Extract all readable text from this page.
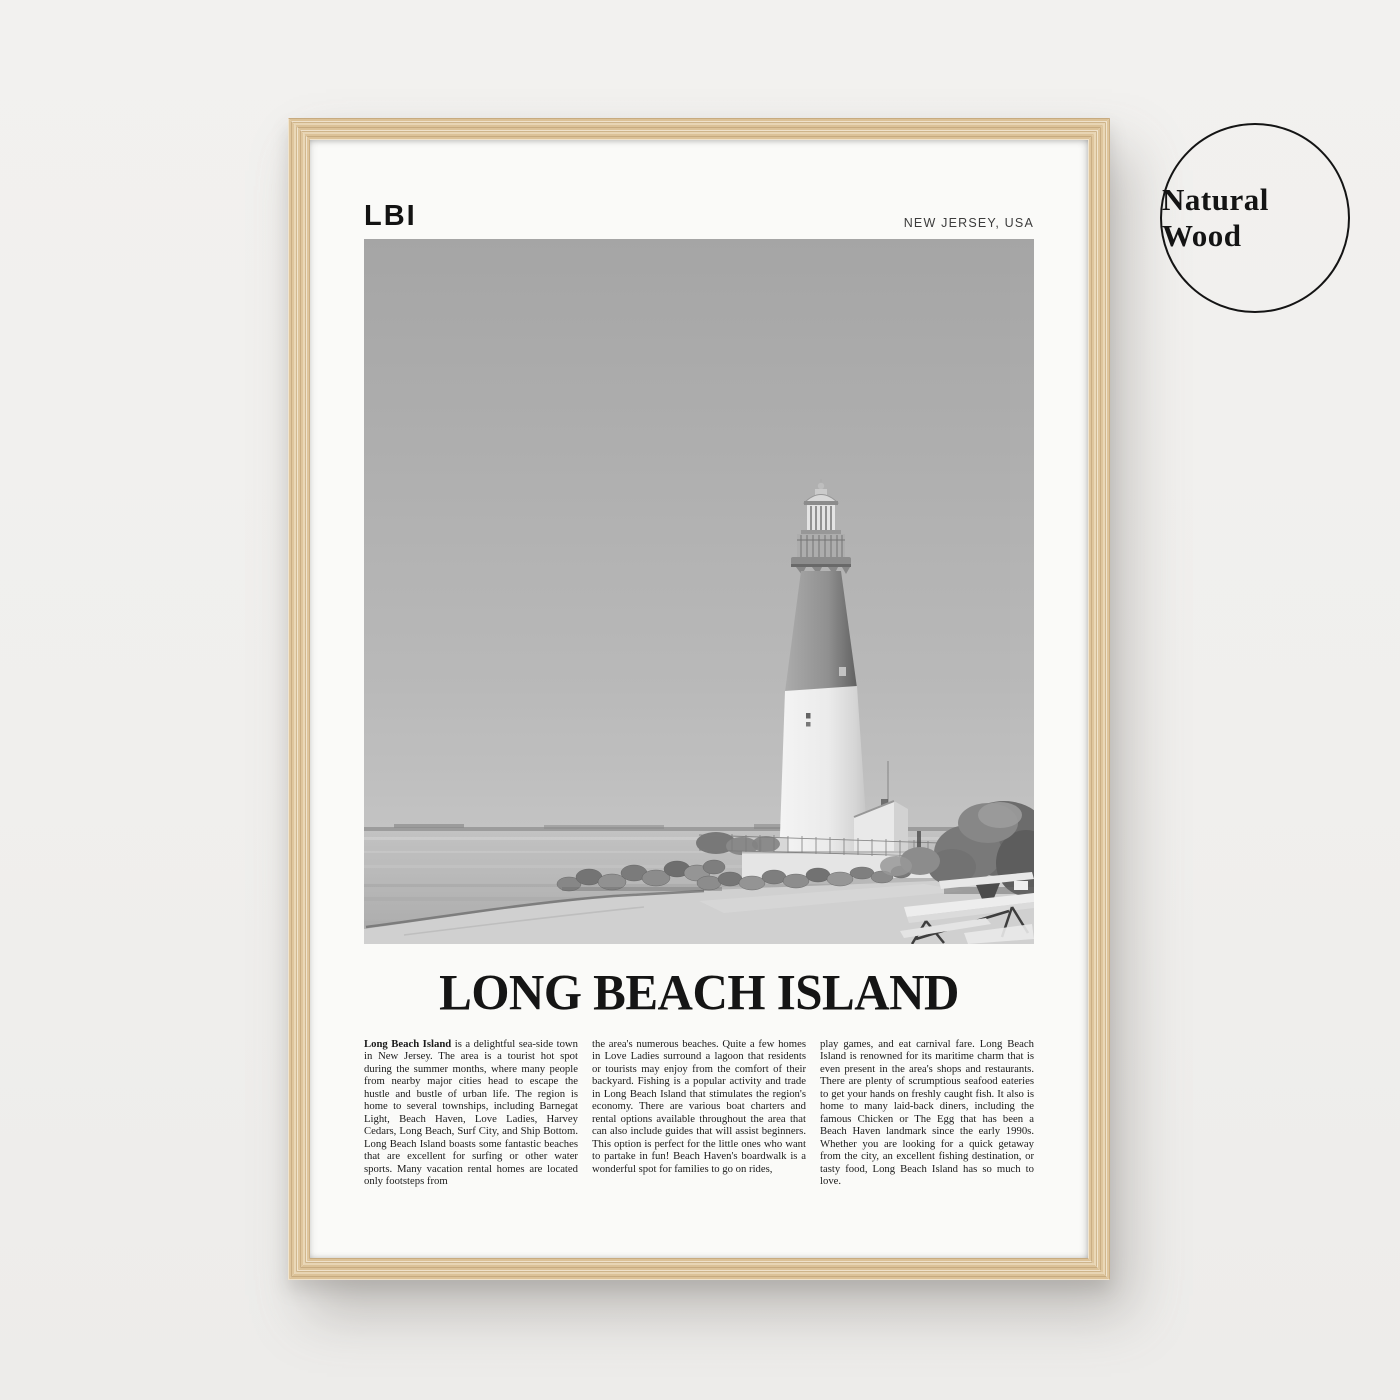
LBI	NEW JERSEY, USA
LONG BEACH ISLAND
Long Beach Island is a delightful sea-side town in New Jersey. The area is a tourist hot spot during the summer months, where many people from nearby major cities head to escape the hustle and bustle of urban life. The region is home to several townships, including Barnegat Light, Beach Haven, Love Ladies, Harvey Cedars, Long Beach, Surf City, and Ship Bottom. Long Beach Island boasts some fantastic beaches that are excellent for surfing or other water sports. Many vacation rental homes are located only footsteps from
the area's numerous beaches. Quite a few homes in Love Ladies surround a lagoon that residents or tourists may enjoy from the comfort of their backyard. Fishing is a popular activity and trade in Long Beach Island that stimulates the region's economy. There are various boat charters and rental options available throughout the area that can also include guides that will assist beginners. This option is perfect for the little ones who want to partake in fun! Beach Haven's boardwalk is a wonderful spot for families to go on rides,
play games, and eat carnival fare. Long Beach Island is renowned for its maritime charm that is even present in the area's shops and restaurants. There are plenty of scrumptious seafood eateries to get your hands on freshly caught fish. It also is home to many laid-back diners, including the famous Chicken or The Egg that has been a Beach Haven landmark since the early 1990s. Whether you are looking for a quick getaway from the city, an excellent fishing destination, or tasty food, Long Beach Island has so much to love.
Natural Wood
